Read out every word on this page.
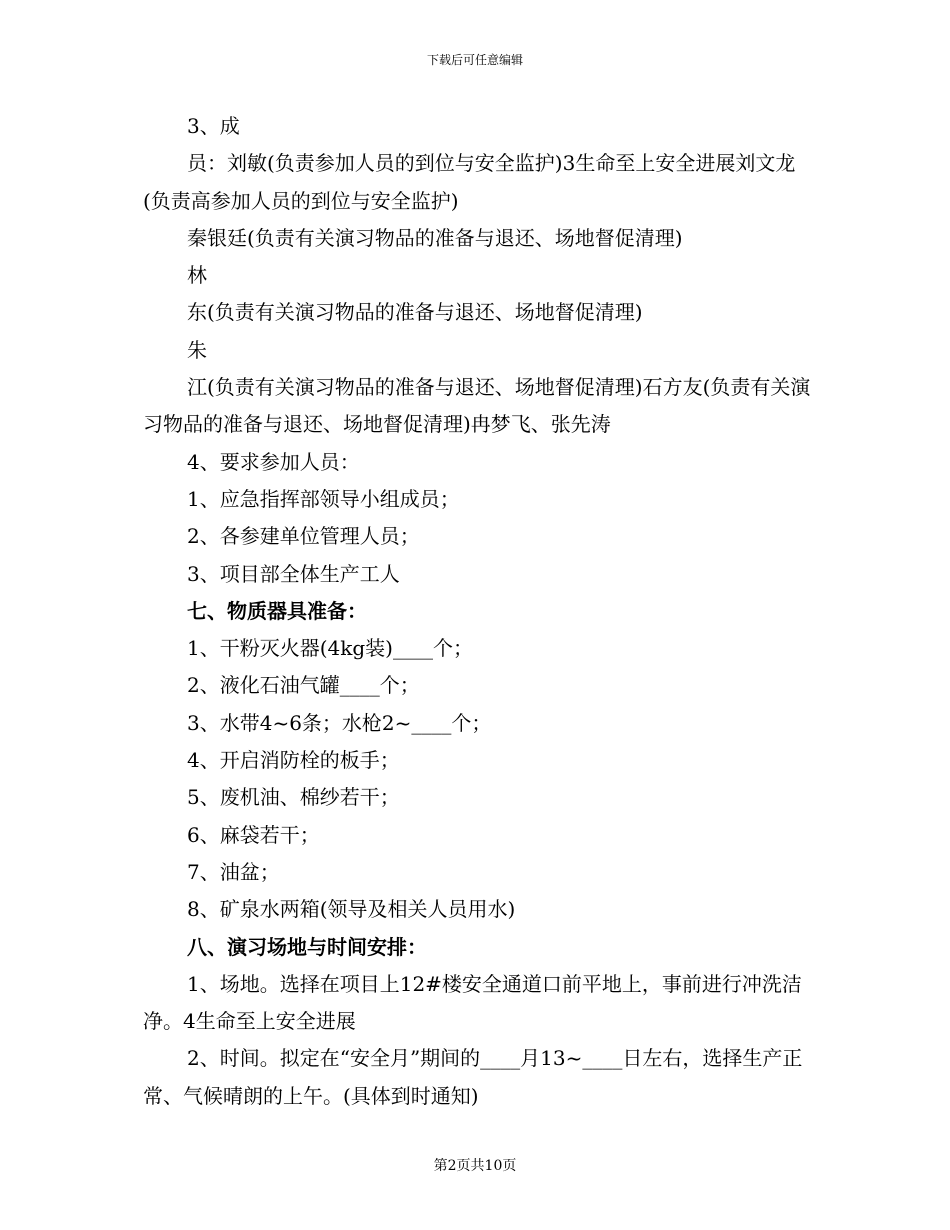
下载后可任意编辑
3、成
员：刘敏(负责参加人员的到位与安全监护)3生命至上安全进展刘文龙(负责高参加人员的到位与安全监护)
秦银廷(负责有关演习物品的准备与退还、场地督促清理)
林
东(负责有关演习物品的准备与退还、场地督促清理)
朱
江(负责有关演习物品的准备与退还、场地督促清理)石方友(负责有关演习物品的准备与退还、场地督促清理)冉梦飞、张先涛
4、要求参加人员：
1、应急指挥部领导小组成员；
2、各参建单位管理人员；
3、项目部全体生产工人
七、物质器具准备：
1、干粉灭火器(4kg装)____个；
2、液化石油气罐____个；
3、水带4~6条；水枪2~____个；
4、开启消防栓的板手；
5、废机油、棉纱若干；
6、麻袋若干；
7、油盆；
8、矿泉水两箱(领导及相关人员用水)
八、演习场地与时间安排：
1、场地。选择在项目上12#楼安全通道口前平地上，事前进行冲洗洁净。4生命至上安全进展
2、时间。拟定在“安全月”期间的____月13~____日左右，选择生产正常、气候晴朗的上午。(具体到时通知)
第2页共10页
